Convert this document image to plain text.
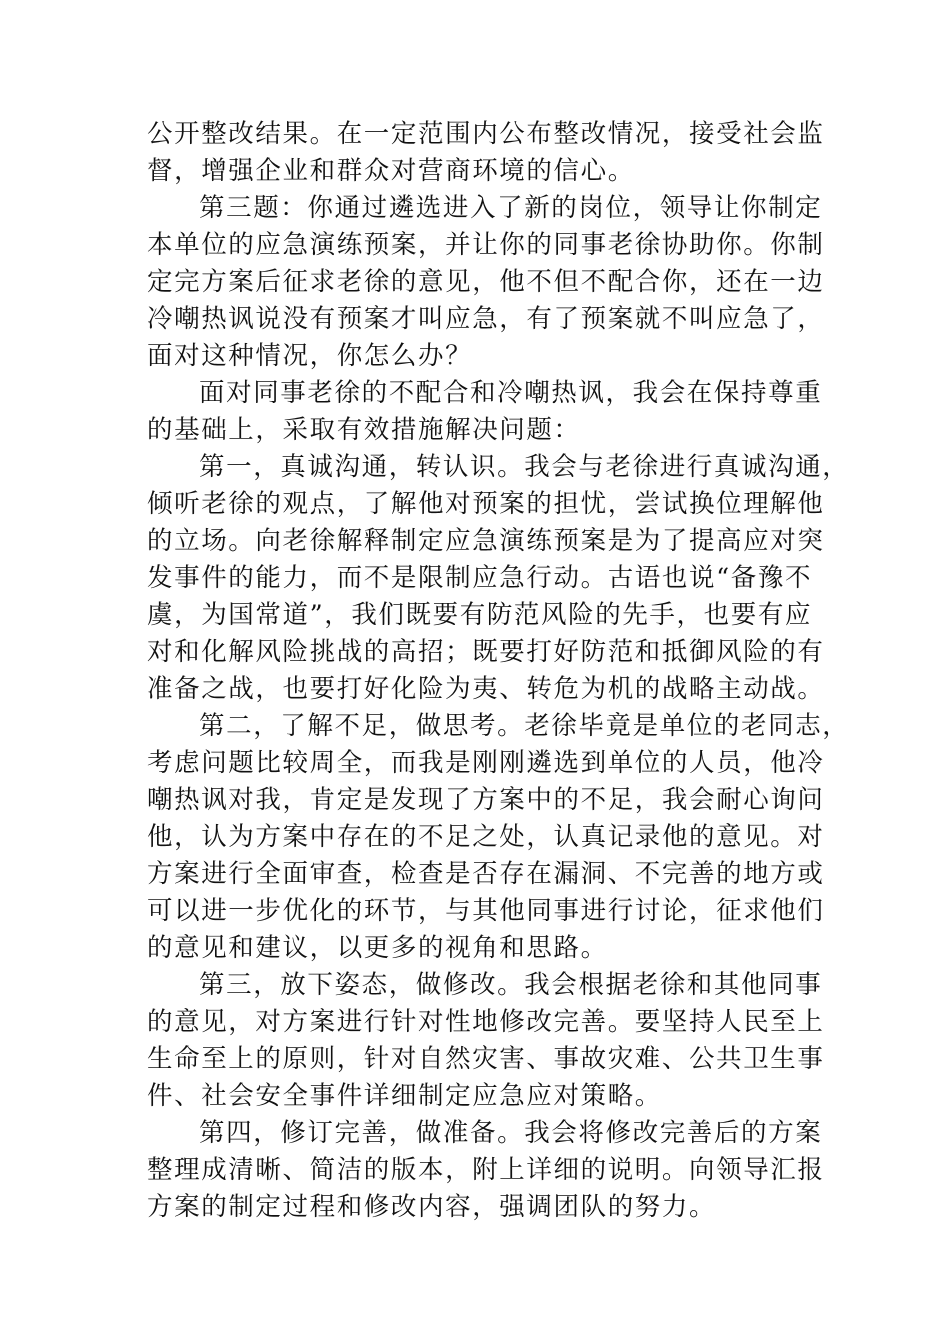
公开整改结果。在一定范围内公布整改情况，接受社会监
督，增强企业和群众对营商环境的信心。
第三题：你通过遴选进入了新的岗位，领导让你制定
本单位的应急演练预案，并让你的同事老徐协助你。你制
定完方案后征求老徐的意见，他不但不配合你，还在一边
冷嘲热讽说没有预案才叫应急，有了预案就不叫应急了，
面对这种情况，你怎么办？
面对同事老徐的不配合和冷嘲热讽，我会在保持尊重
的基础上，采取有效措施解决问题：
第一，真诚沟通，转认识。我会与老徐进行真诚沟通，
倾听老徐的观点，了解他对预案的担忧，尝试换位理解他
的立场。向老徐解释制定应急演练预案是为了提高应对突
发事件的能力，而不是限制应急行动。古语也说“备豫不
虞，为国常道”，我们既要有防范风险的先手，也要有应
对和化解风险挑战的高招；既要打好防范和抵御风险的有
准备之战，也要打好化险为夷、转危为机的战略主动战。
第二，了解不足，做思考。老徐毕竟是单位的老同志，
考虑问题比较周全，而我是刚刚遴选到单位的人员，他冷
嘲热讽对我，肯定是发现了方案中的不足，我会耐心询问
他，认为方案中存在的不足之处，认真记录他的意见。对
方案进行全面审查，检查是否存在漏洞、不完善的地方或
可以进一步优化的环节，与其他同事进行讨论，征求他们
的意见和建议，以更多的视角和思路。
第三，放下姿态，做修改。我会根据老徐和其他同事
的意见，对方案进行针对性地修改完善。要坚持人民至上
生命至上的原则，针对自然灾害、事故灾难、公共卫生事
件、社会安全事件详细制定应急应对策略。
第四，修订完善，做准备。我会将修改完善后的方案
整理成清晰、简洁的版本，附上详细的说明。向领导汇报
方案的制定过程和修改内容，强调团队的努力。
